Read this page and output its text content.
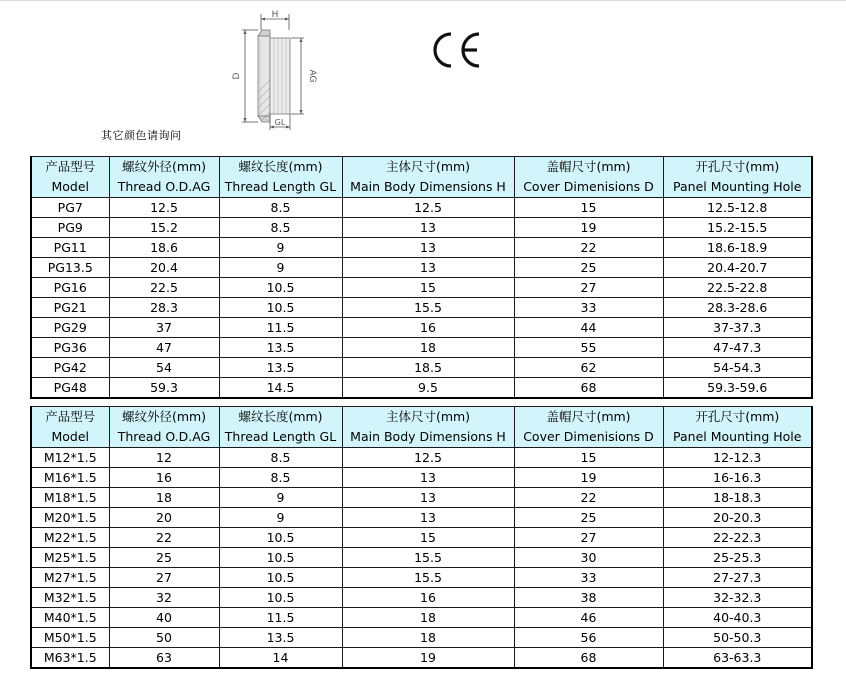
H
D	AG
GL
其它颜色请询问
产品型号	螺纹外径(mm)	螺纹长度(mm)	主体尺寸(mm)	盖帽尺寸(mm)	开孔尺寸(mm)
Model	Thread O.D.AG	Thread Length GL	Main Body Dimensions H	Cover Dimenisions D	Panel Mounting Hole
PG7	12.5	8.5	12.5	15	12.5-12.8
PG9	15.2	8.5	13	19	15.2-15.5
PG11	18.6	9	13	22	18.6-18.9
PG13.5	20.4	9	13	25	20.4-20.7
PG16	22.5	10.5	15	27	22.5-22.8
PG21	28.3	10.5	15.5	33	28.3-28.6
PG29	37	11.5	16	44	37-37.3
PG36	47	13.5	18	55	47-47.3
PG42	54	13.5	18.5	62	54-54.3
PG48	59.3	14.5	9.5	68	59.3-59.6
产品型号	螺纹外径(mm)	螺纹长度(mm)	主体尺寸(mm)	盖帽尺寸(mm)	开孔尺寸(mm)
Model	Thread O.D.AG	Thread Length GL	Main Body Dimensions H	Cover Dimenisions D	Panel Mounting Hole
M12*1.5	12	8.5	12.5	15	12-12.3
M16*1.5	16	8.5	13	19	16-16.3
M18*1.5	18	9	13	22	18-18.3
M20*1.5	20	9	13	25	20-20.3
M22*1.5	22	10.5	15	27	22-22.3
M25*1.5	25	10.5	15.5	30	25-25.3
M27*1.5	27	10.5	15.5	33	27-27.3
M32*1.5	32	10.5	16	38	32-32.3
M40*1.5	40	11.5	18	46	40-40.3
M50*1.5	50	13.5	18	56	50-50.3
M63*1.5	63	14	19	68	63-63.3
